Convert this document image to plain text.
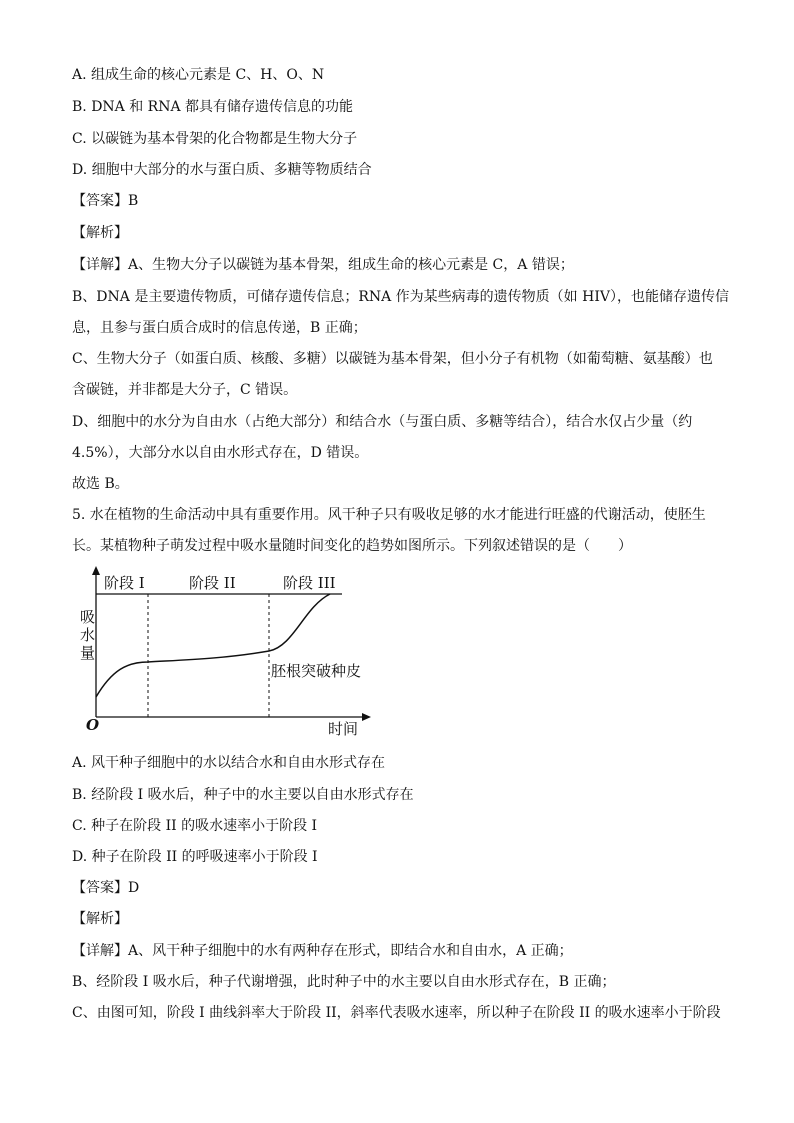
A. 组成生命的核心元素是 C、H、O、N
B. DNA 和 RNA 都具有储存遗传信息的功能
C. 以碳链为基本骨架的化合物都是生物大分子
D. 细胞中大部分的水与蛋白质、多糖等物质结合
【答案】B
【解析】
【详解】A、生物大分子以碳链为基本骨架，组成生命的核心元素是 C，A 错误；
B、DNA 是主要遗传物质，可储存遗传信息；RNA 作为某些病毒的遗传物质（如 HIV），也能储存遗传信
息，且参与蛋白质合成时的信息传递，B 正确；
C、生物大分子（如蛋白质、核酸、多糖）以碳链为基本骨架，但小分子有机物（如葡萄糖、氨基酸）也
含碳链，并非都是大分子，C 错误。
D、细胞中的水分为自由水（占绝大部分）和结合水（与蛋白质、多糖等结合），结合水仅占少量（约
4.5%），大部分水以自由水形式存在，D 错误。
故选 B。
5. 水在植物的生命活动中具有重要作用。风干种子只有吸收足够的水才能进行旺盛的代谢活动，使胚生
长。某植物种子萌发过程中吸水量随时间变化的趋势如图所示。下列叙述错误的是（　　）
阶段 I	阶段 II	阶段 III
吸
水
量
O	时间
胚根突破种皮
A. 风干种子细胞中的水以结合水和自由水形式存在
B. 经阶段 I 吸水后，种子中的水主要以自由水形式存在
C. 种子在阶段 II 的吸水速率小于阶段 I
D. 种子在阶段 II 的呼吸速率小于阶段 I
【答案】D
【解析】
【详解】A、风干种子细胞中的水有两种存在形式，即结合水和自由水，A 正确；
B、经阶段 I 吸水后，种子代谢增强，此时种子中的水主要以自由水形式存在，B 正确；
C、由图可知，阶段 I 曲线斜率大于阶段 II，斜率代表吸水速率，所以种子在阶段 II 的吸水速率小于阶段
